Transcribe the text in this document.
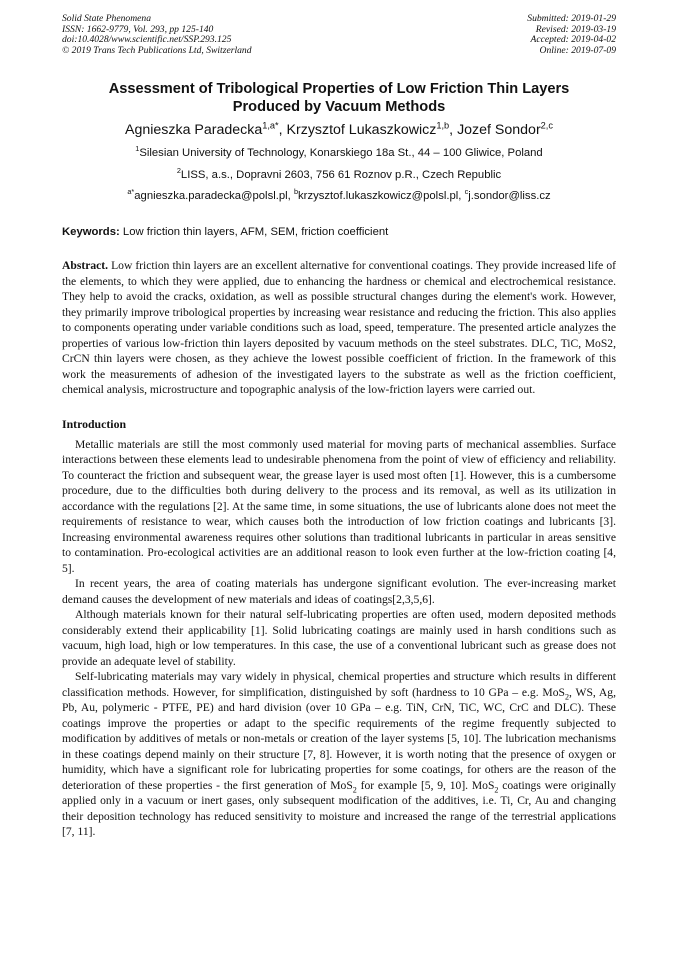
Solid State Phenomena
ISSN: 1662-9779, Vol. 293, pp 125-140
doi:10.4028/www.scientific.net/SSP.293.125
© 2019 Trans Tech Publications Ltd, Switzerland
Submitted: 2019-01-29
Revised: 2019-03-19
Accepted: 2019-04-02
Online: 2019-07-09
Assessment of Tribological Properties of Low Friction Thin Layers
Produced by Vacuum Methods
Agnieszka Paradecka$^{1,a*}$, Krzysztof Lukaszkowicz$^{1,b}$, Jozef Sondor$^{2,c}$
$^1$Silesian University of Technology, Konarskiego 18a St., 44 – 100 Gliwice, Poland
$^2$LISS, a.s., Dopravni 2603, 756 61 Roznov p.R., Czech Republic
$^{a*}$agnieszka.paradecka@polsl.pl, $^b$krzysztof.lukaszkowicz@polsl.pl, $^c$j.sondor@liss.cz
Keywords: Low friction thin layers, AFM, SEM, friction coefficient
Abstract. Low friction thin layers are an excellent alternative for conventional coatings. They provide increased life of the elements, to which they were applied, due to enhancing the hardness or chemical and electrochemical resistance. They help to avoid the cracks, oxidation, as well as possible structural changes during the element's work. However, they primarily improve tribological properties by increasing wear resistance and reducing the friction. This also applies to components operating under variable conditions such as load, speed, temperature. The presented article analyzes the properties of various low-friction thin layers deposited by vacuum methods on the steel substrates. DLC, TiC, MoS2, CrCN thin layers were chosen, as they achieve the lowest possible coefficient of friction. In the framework of this work the measurements of adhesion of the investigated layers to the substrate as well as the friction coefficient, chemical analysis, microstructure and topographic analysis of the low-friction layers were carried out.
Introduction

Metallic materials are still the most commonly used material for moving parts of mechanical assemblies. Surface interactions between these elements lead to undesirable phenomena from the point of view of efficiency and reliability. To counteract the friction and subsequent wear, the grease layer is used most often [1]. However, this is a cumbersome procedure, due to the difficulties both during delivery to the process and its removal, as well as its utilization in accordance with the regulations [2]. At the same time, in some situations, the use of lubricants alone does not meet the requirements of resistance to wear, which causes both the introduction of low friction coatings and lubricants [3]. Increasing environmental awareness requires other solutions than traditional lubricants in particular in areas sensitive to contamination. Pro-ecological activities are an additional reason to look even further at the low-friction coating [4, 5].

In recent years, the area of coating materials has undergone significant evolution. The ever-increasing market demand causes the development of new materials and ideas of coatings[2,3,5,6].

Although materials known for their natural self-lubricating properties are often used, modern deposited methods considerably extend their applicability [1]. Solid lubricating coatings are mainly used in harsh conditions such as vacuum, high load, high or low temperatures. In this case, the use of a conventional lubricant such as grease does not provide an adequate level of stability.

Self-lubricating materials may vary widely in physical, chemical properties and structure which results in different classification methods. However, for simplification, distinguished by soft (hardness to 10 GPa – e.g. MoS$_2$, WS, Ag, Pb, Au, polymeric - PTFE, PE) and hard division (over 10 GPa – e.g. TiN, CrN, TiC, WC, CrC and DLC). These coatings improve the properties or adapt to the specific requirements of the regime frequently subjected to modification by additives of metals or non-metals or creation of the layer systems [5, 10]. The lubrication mechanisms in these coatings depend mainly on their structure [7, 8]. However, it is worth noting that the presence of oxygen or humidity, which have a significant role for lubricating properties for some coatings, for others are the reason of the deterioration of these properties - the first generation of MoS$_2$ for example [5, 9, 10]. MoS$_2$ coatings were originally applied only in a vacuum or inert gases, only subsequent modification of the additives, i.e. Ti, Cr, Au and changing their deposition technology has reduced sensitivity to moisture and increased the range of the terrestrial applications [7, 11].
